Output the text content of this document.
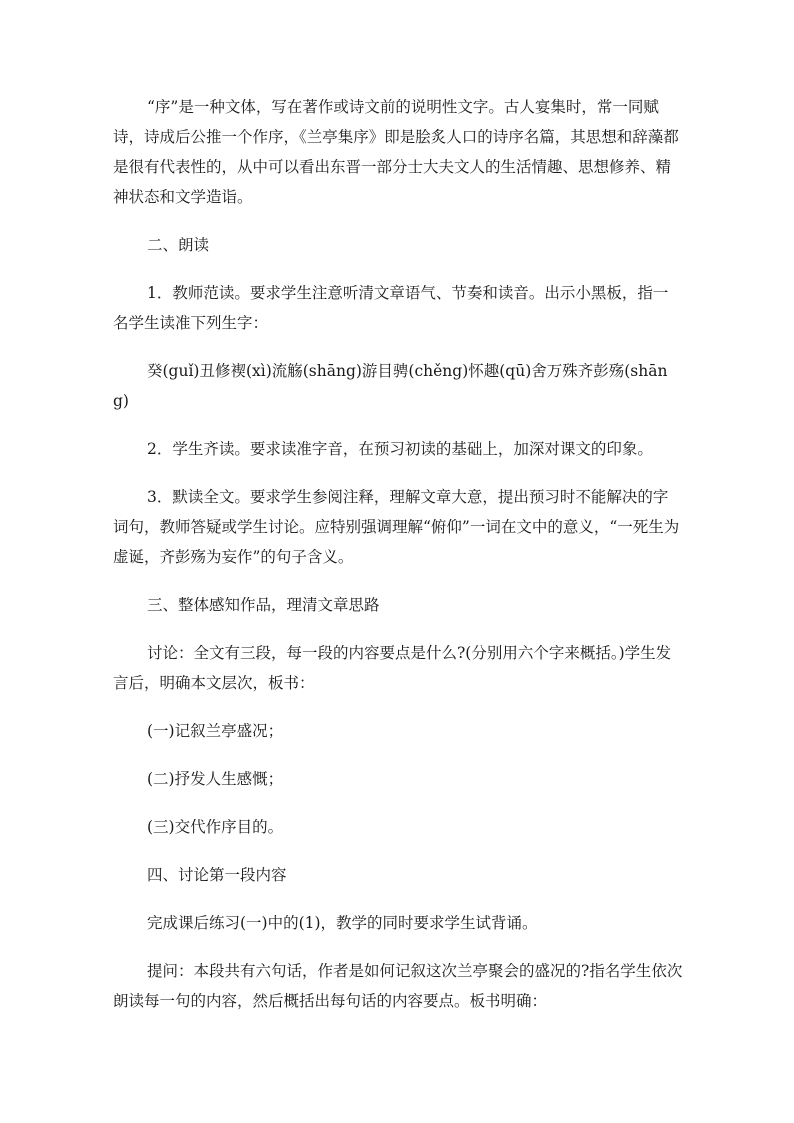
“序”是一种文体，写在著作或诗文前的说明性文字。古人宴集时，常一同赋诗，诗成后公推一个作序，《兰亭集序》即是脍炙人口的诗序名篇，其思想和辞藻都是很有代表性的，从中可以看出东晋一部分士大夫文人的生活情趣、思想修养、精神状态和文学造诣。

二、朗读

1．教师范读。要求学生注意听清文章语气、节奏和读音。出示小黑板，指一名学生读准下列生字：

癸(guǐ)丑修褉(xì)流觞(shāng)游目骋(chěng)怀趣(qū)舍万殊齐彭殇(shāng)

2．学生齐读。要求读准字音，在预习初读的基础上，加深对课文的印象。

3．默读全文。要求学生参阅注释，理解文章大意，提出预习时不能解决的字词句，教师答疑或学生讨论。应特别强调理解“俯仰”一词在文中的意义，“一死生为虚诞，齐彭殇为妄作”的句子含义。

三、整体感知作品，理清文章思路

讨论：全文有三段，每一段的内容要点是什么?(分别用六个字来概括。)学生发言后，明确本文层次，板书：

(一)记叙兰亭盛况；

(二)抒发人生感慨；

(三)交代作序目的。

四、讨论第一段内容

完成课后练习(一)中的(1)，教学的同时要求学生试背诵。

提问：本段共有六句话，作者是如何记叙这次兰亭聚会的盛况的?指名学生依次朗读每一句的内容，然后概括出每句话的内容要点。板书明确：
